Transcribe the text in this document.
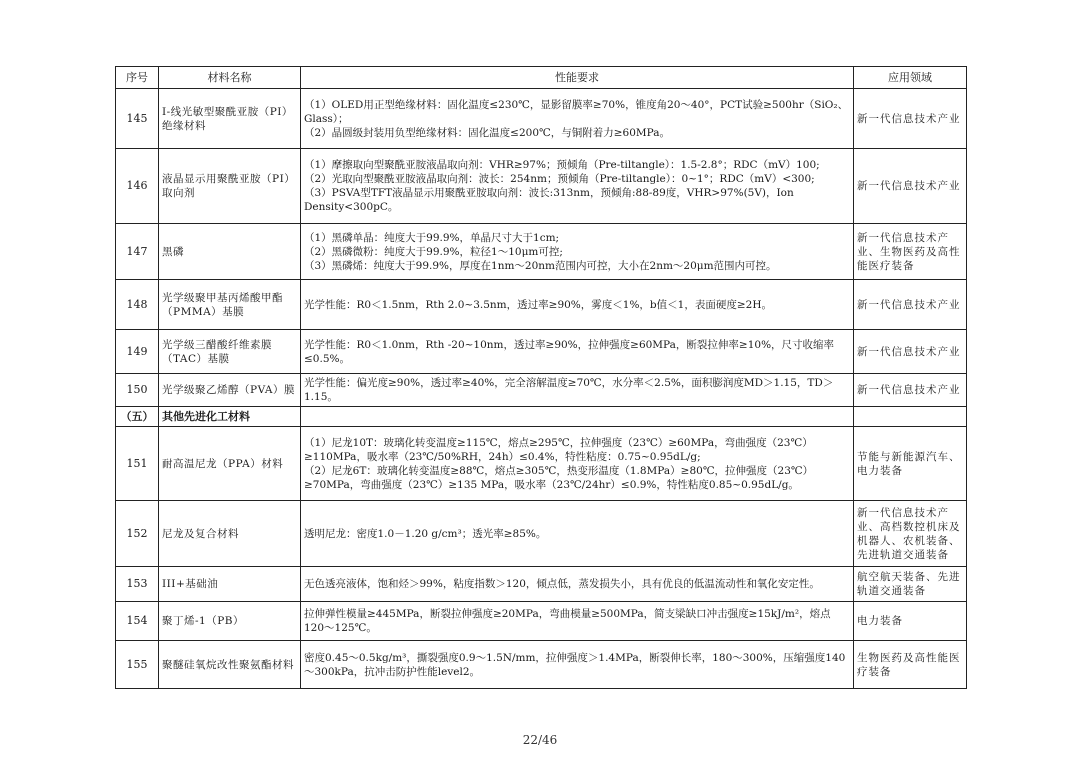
序号	材料名称	性能要求	应用领域
145	I-线光敏型聚酰亚胺（PI）绝缘材料	（1）OLED用正型绝缘材料：固化温度≤230℃，显影留膜率≥70%，锥度角20～40°，PCT试验≥500hr（SiO₂、Glass）；
（2）晶圆级封装用负型绝缘材料：固化温度≤200℃，与铜附着力≥60MPa。	新一代信息技术产业
146	液晶显示用聚酰亚胺（PI）取向剂	（1）摩擦取向型聚酰亚胺液晶取向剂：VHR≥97%；预倾角（Pre-tiltangle）：1.5-2.8°；RDC（mV）100;
（2）光取向型聚酰亚胺液晶取向剂：波长：254nm；预倾角（Pre-tiltangle）：0~1°；RDC（mV）<300;
（3）PSVA型TFT液晶显示用聚酰亚胺取向剂：波长:313nm，预倾角:88-89度，VHR>97%(5V)，Ion Density<300pC。	新一代信息技术产业
147	黑磷	（1）黑磷单晶：纯度大于99.9%，单晶尺寸大于1cm;
（2）黑磷微粉：纯度大于99.9%，粒径1～10μm可控;
（3）黑磷烯：纯度大于99.9%，厚度在1nm～20nm范围内可控，大小在2nm～20μm范围内可控。	新一代信息技术产业、生物医药及高性能医疗装备
148	光学级聚甲基丙烯酸甲酯（PMMA）基膜	光学性能：R0＜1.5nm，Rth 2.0~3.5nm，透过率≥90%，雾度＜1%，b值＜1，表面硬度≥2H。	新一代信息技术产业
149	光学级三醋酸纤维素膜（TAC）基膜	光学性能：R0＜1.0nm，Rth -20~10nm，透过率≥90%，拉伸强度≥60MPa，断裂拉伸率≥10%，尺寸收缩率≤0.5%。	新一代信息技术产业
150	光学级聚乙烯醇（PVA）膜	光学性能：偏光度≥90%，透过率≥40%，完全溶解温度≥70℃，水分率＜2.5%，面积膨润度MD＞1.15，TD＞1.15。	新一代信息技术产业
（五）	其他先进化工材料		
151	耐高温尼龙（PPA）材料	（1）尼龙10T：玻璃化转变温度≥115℃，熔点≥295℃，拉伸强度（23℃）≥60MPa，弯曲强度（23℃）≥110MPa，吸水率（23℃/50%RH，24h）≤0.4%，特性粘度：0.75~0.95dL/g;
（2）尼龙6T：玻璃化转变温度≥88℃，熔点≥305℃，热变形温度（1.8MPa）≥80℃，拉伸强度（23℃）≥70MPa，弯曲强度（23℃）≥135 MPa，吸水率（23℃/24hr）≤0.9%，特性粘度0.85~0.95dL/g。	节能与新能源汽车、电力装备
152	尼龙及复合材料	透明尼龙：密度1.0－1.20 g/cm³；透光率≥85%。	新一代信息技术产业、高档数控机床及机器人、农机装备、先进轨道交通装备
153	III+基础油	无色透亮液体，饱和烃＞99%，粘度指数＞120，倾点低，蒸发损失小，具有优良的低温流动性和氧化安定性。	航空航天装备、先进轨道交通装备
154	聚丁烯-1（PB）	拉伸弹性模量≥445MPa，断裂拉伸强度≥20MPa，弯曲模量≥500MPa，简支梁缺口冲击强度≥15kJ/m²，熔点120～125℃。	电力装备
155	聚醚硅氧烷改性聚氨酯材料	密度0.45～0.5kg/m³，撕裂强度0.9～1.5N/mm，拉伸强度＞1.4MPa，断裂伸长率，180～300%，压缩强度140～300kPa，抗冲击防护性能level2。	生物医药及高性能医疗装备
22/46
